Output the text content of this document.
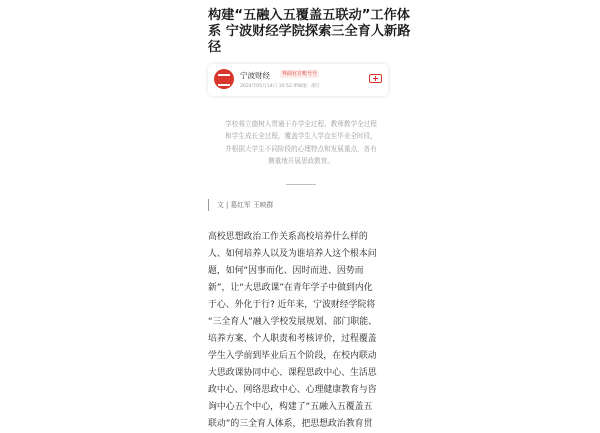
构建“五融入五覆盖五联动”工作体
系 宁波财经学院探索三全育人新路
径
宁波财经	界面官方账号号
2024年05月14日 10:52 IP属地：浙江
学校将立德树人贯通于办学全过程、教师教学全过程
和学生成长全过程，覆盖学生入学直至毕业全时段，
并根据大学生不同阶段的心理特点和发展重点，各有
侧重地开展思政教育。
文 | 葛红军 王映群
高校思想政治工作关系高校培养什么样的
人、如何培养人以及为谁培养人这个根本问
题，如何“因事而化、因时而进、因势而
新”，让“大思政课”在青年学子中做到内化
于心、外化于行? 近年来，宁波财经学院将
“三全育人”融入学校发展规划、部门职能、
培养方案、个人职责和考核评价，过程覆盖
学生入学前到毕业后五个阶段，在校内联动
大思政课协同中心、课程思政中心、生活思
政中心、网络思政中心、心理健康教育与咨
询中心五个中心，构建了“五融入五覆盖五
联动”的三全育人体系，把思想政治教育贯
